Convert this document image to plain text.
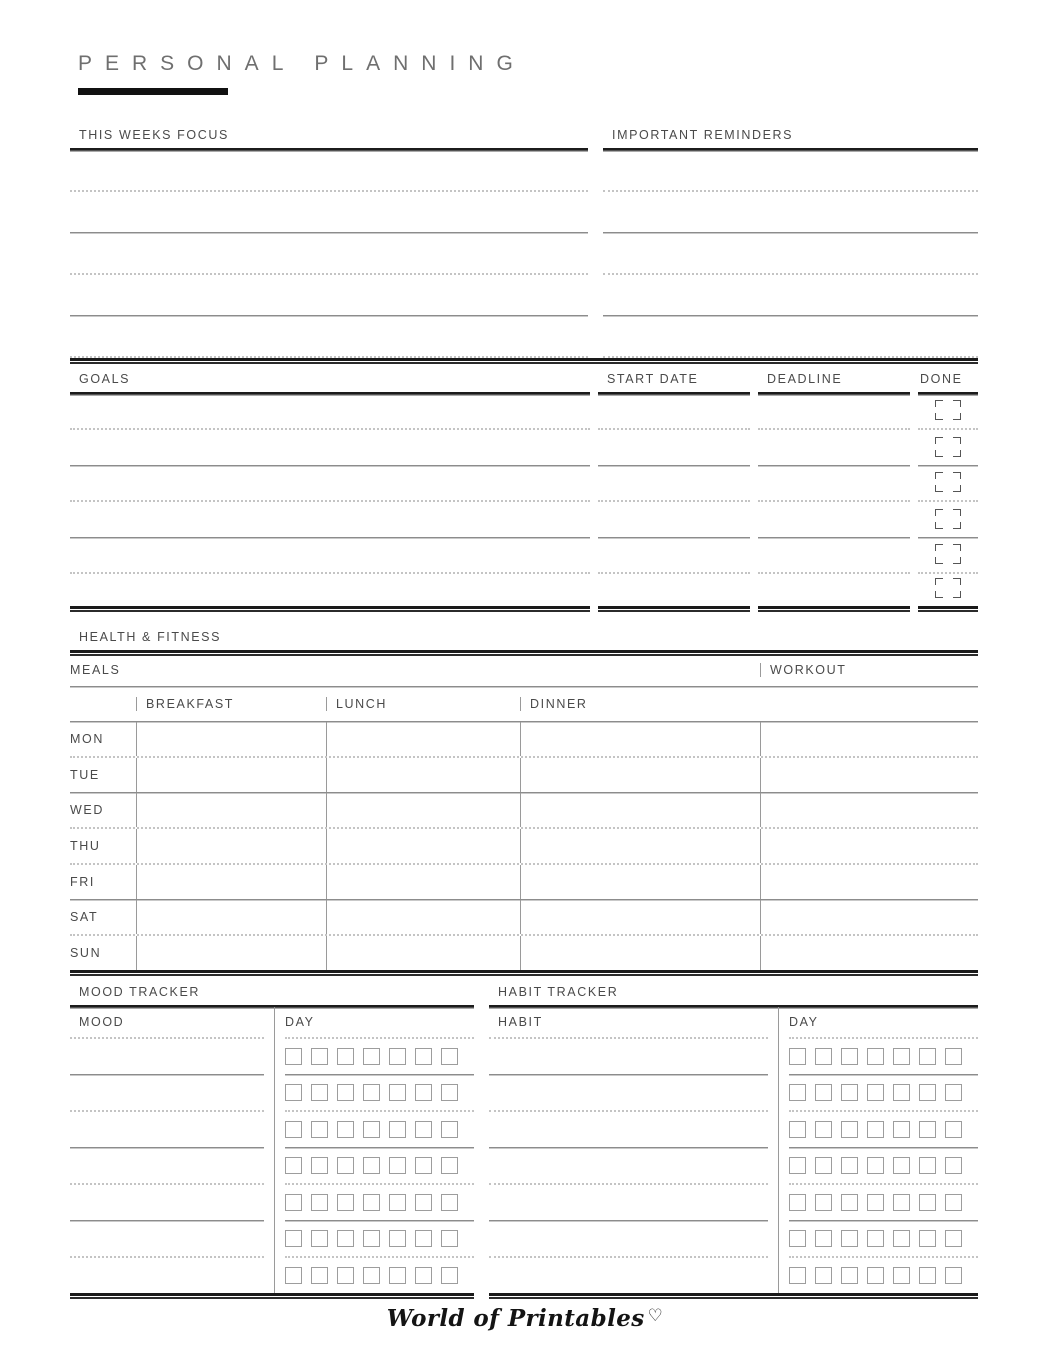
PERSONAL PLANNING
THIS WEEKS FOCUS	IMPORTANT REMINDERS
GOALS	START DATE	DEADLINE	DONE
HEALTH & FITNESS
MEALS	WORKOUT
BREAKFAST	LUNCH	DINNER
MON
TUE
WED
THU
FRI
SAT
SUN
MOOD TRACKER
MOOD	DAY
HABIT TRACKER
HABIT	DAY
World of Printables ♡
